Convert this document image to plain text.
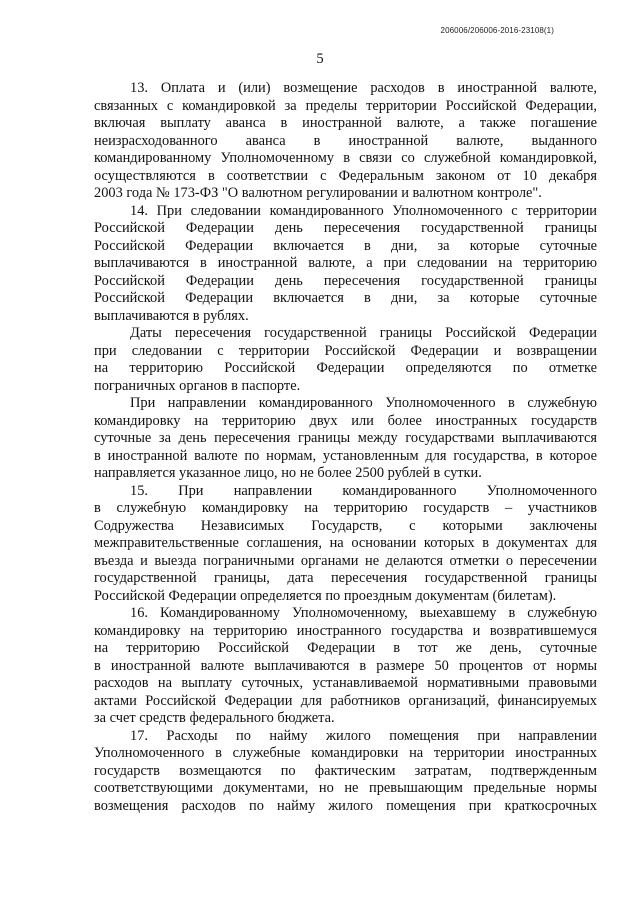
206006/206006-2016-23108(1)
5
13. Оплата и (или) возмещение расходов в иностранной валюте,
связанных с командировкой за пределы территории Российской Федерации,
включая выплату аванса в иностранной валюте, а также погашение
неизрасходованного аванса в иностранной валюте, выданного
командированному Уполномоченному в связи со служебной командировкой,
осуществляются в соответствии с Федеральным законом от 10 декабря
2003 года № 173-ФЗ "О валютном регулировании и валютном контроле".
14. При следовании командированного Уполномоченного с территории
Российской Федерации день пересечения государственной границы
Российской Федерации включается в дни, за которые суточные
выплачиваются в иностранной валюте, а при следовании на территорию
Российской Федерации день пересечения государственной границы
Российской Федерации включается в дни, за которые суточные
выплачиваются в рублях.
Даты пересечения государственной границы Российской Федерации
при следовании с территории Российской Федерации и возвращении
на территорию Российской Федерации определяются по отметке
пограничных органов в паспорте.
При направлении командированного Уполномоченного в служебную
командировку на территорию двух или более иностранных государств
суточные за день пересечения границы между государствами выплачиваются
в иностранной валюте по нормам, установленным для государства, в которое
направляется указанное лицо, но не более 2500 рублей в сутки.
15. При направлении командированного Уполномоченного
в служебную командировку на территорию государств – участников
Содружества Независимых Государств, с которыми заключены
межправительственные соглашения, на основании которых в документах для
въезда и выезда пограничными органами не делаются отметки о пересечении
государственной границы, дата пересечения государственной границы
Российской Федерации определяется по проездным документам (билетам).
16. Командированному Уполномоченному, выехавшему в служебную
командировку на территорию иностранного государства и возвратившемуся
на территорию Российской Федерации в тот же день, суточные
в иностранной валюте выплачиваются в размере 50 процентов от нормы
расходов на выплату суточных, устанавливаемой нормативными правовыми
актами Российской Федерации для работников организаций, финансируемых
за счет средств федерального бюджета.
17. Расходы по найму жилого помещения при направлении
Уполномоченного в служебные командировки на территории иностранных
государств возмещаются по фактическим затратам, подтвержденным
соответствующими документами, но не превышающим предельные нормы
возмещения расходов по найму жилого помещения при краткосрочных
